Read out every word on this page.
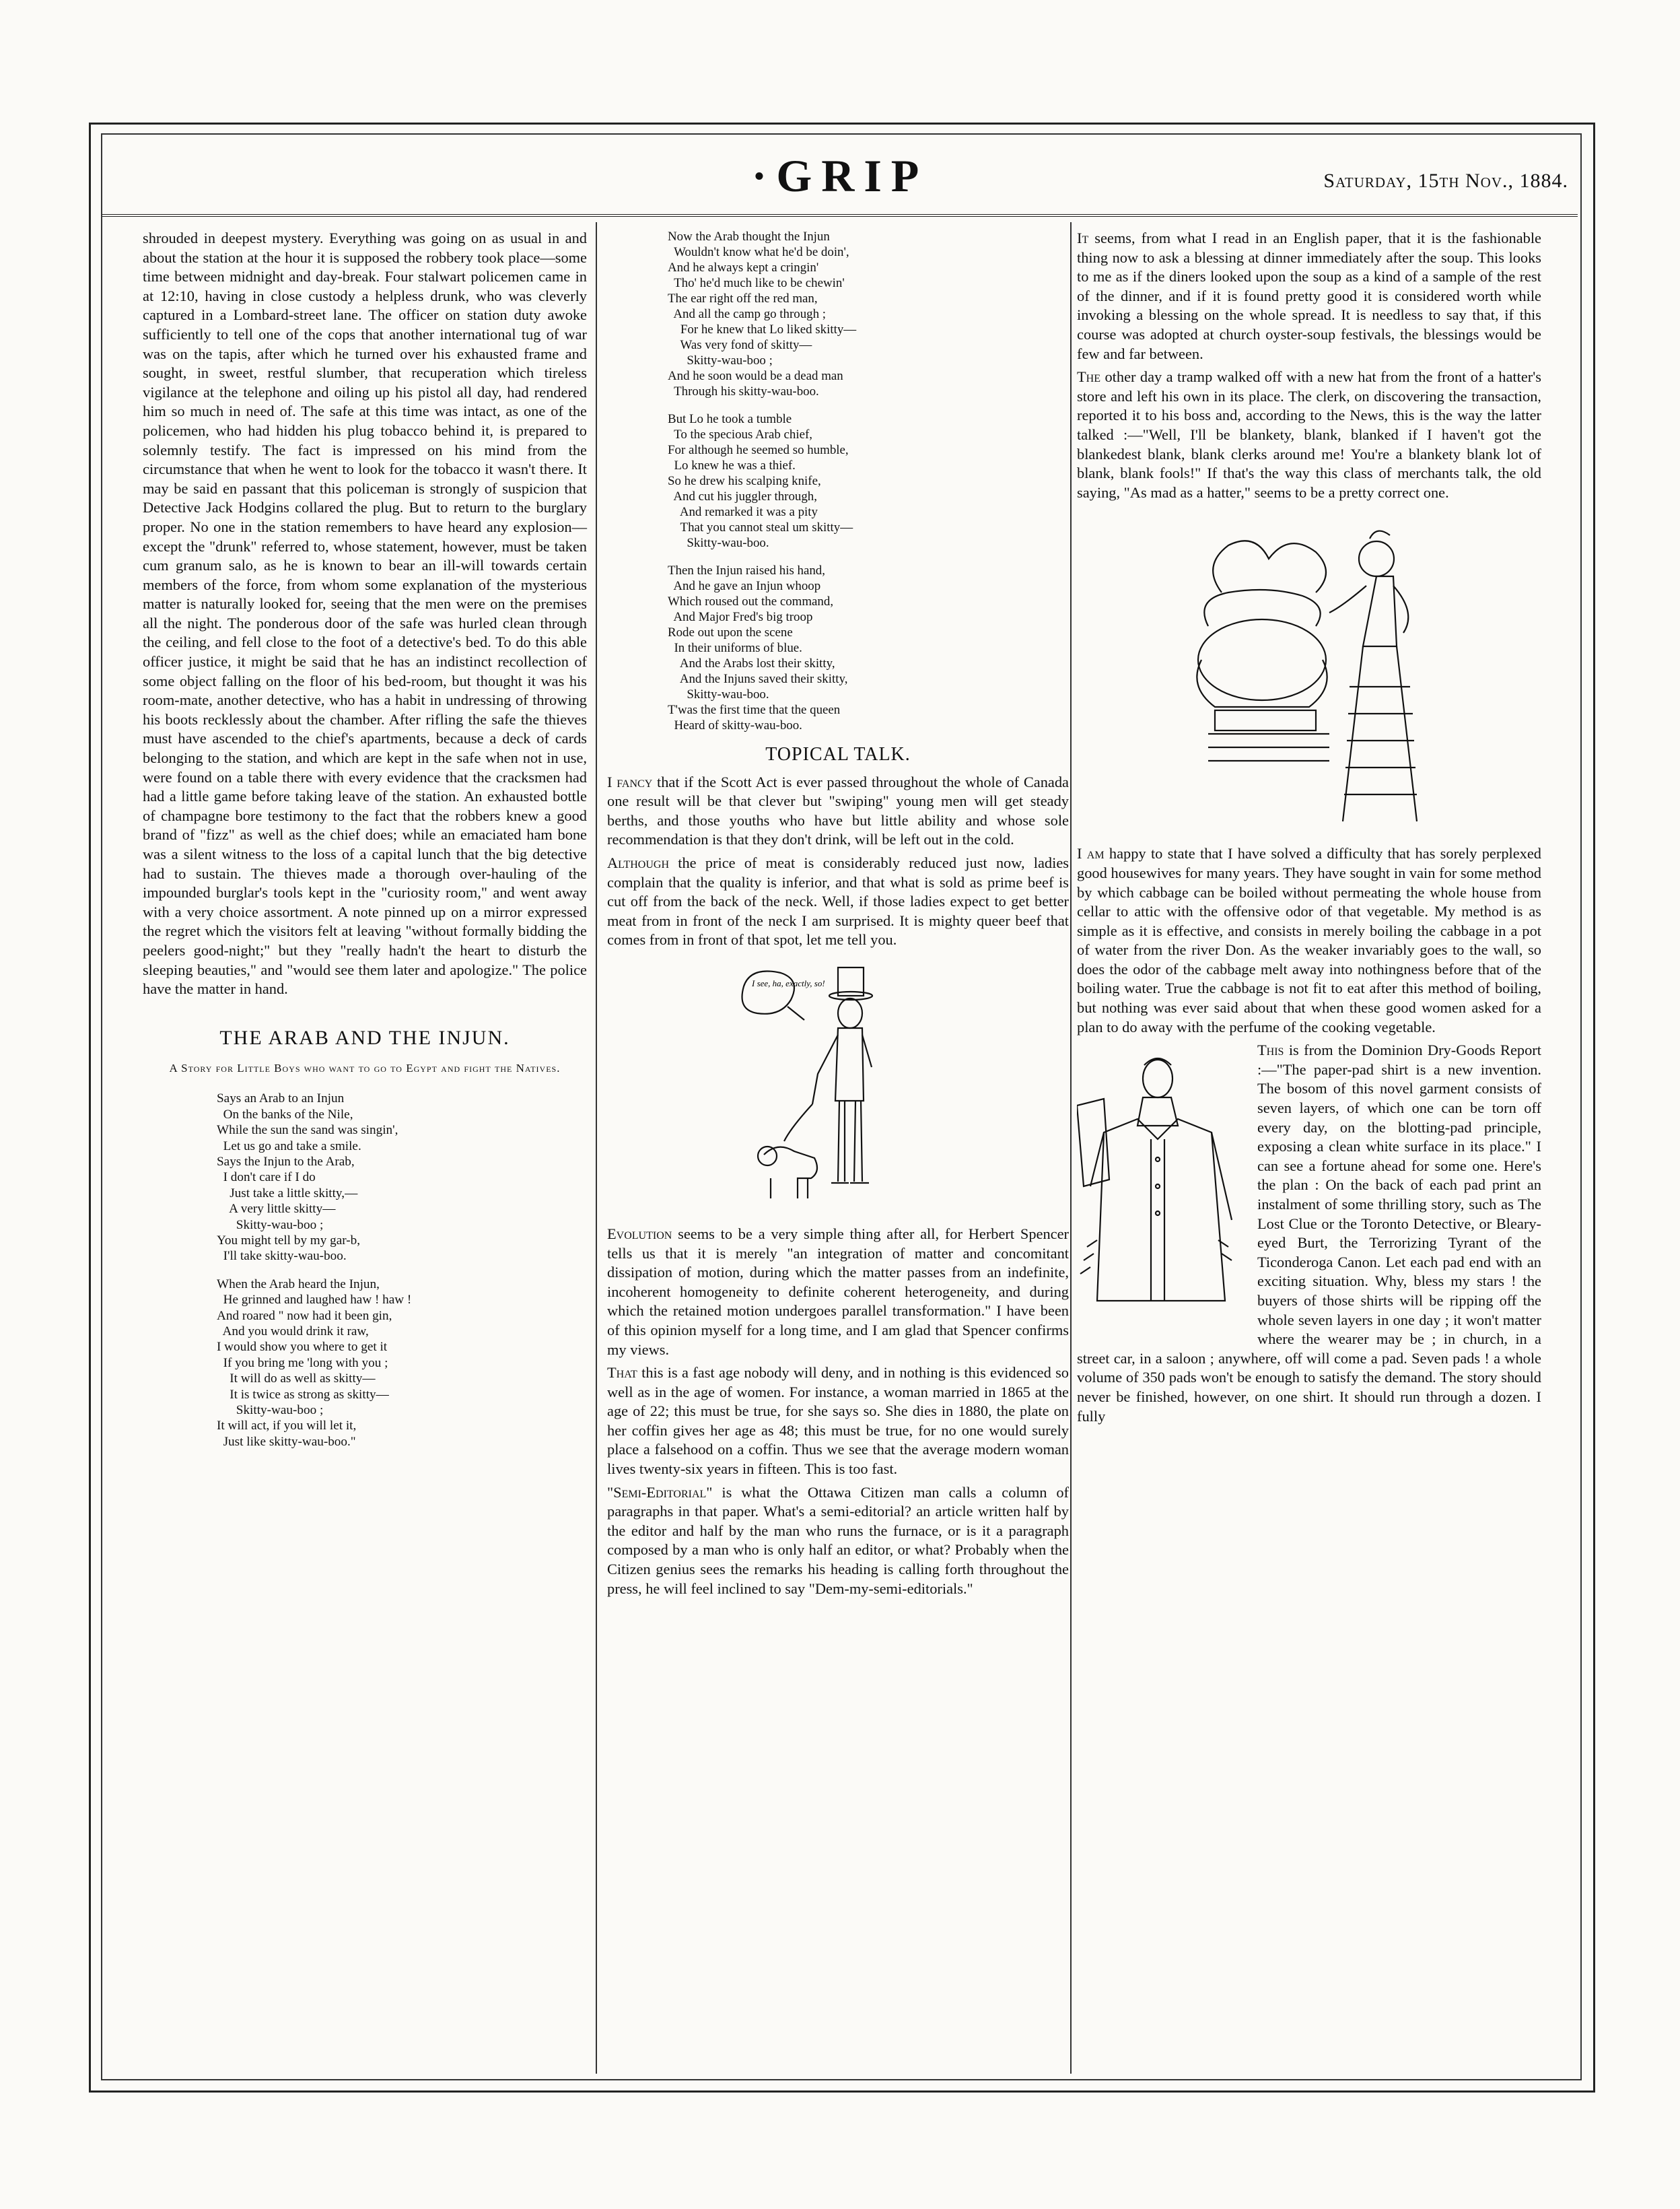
·GRIP	Saturday, 15th Nov., 1884.

shrouded in deepest mystery. Everything was going on as usual in and about the station at the hour it is supposed the robbery took place—some time between midnight and day-break. Four stalwart policemen came in at 12:10, having in close custody a helpless drunk, who was cleverly captured in a Lombard-street lane. The officer on station duty awoke sufficiently to tell one of the cops that another international tug of war was on the tapis, after which he turned over his exhausted frame and sought, in sweet, restful slumber, that recuperation which tireless vigilance at the telephone and oiling up his pistol all day, had rendered him so much in need of. The safe at this time was intact, as one of the policemen, who had hidden his plug tobacco behind it, is prepared to solemnly testify. The fact is impressed on his mind from the circumstance that when he went to look for the tobacco it wasn't there. It may be said en passant that this policeman is strongly of suspicion that Detective Jack Hodgins collared the plug. But to return to the burglary proper. No one in the station remembers to have heard any explosion—except the "drunk" referred to, whose statement, however, must be taken cum granum salo, as he is known to bear an ill-will towards certain members of the force, from whom some explanation of the mysterious matter is naturally looked for, seeing that the men were on the premises all the night. The ponderous door of the safe was hurled clean through the ceiling, and fell close to the foot of a detective's bed. To do this able officer justice, it might be said that he has an indistinct recollection of some object falling on the floor of his bed-room, but thought it was his room-mate, another detective, who has a habit in undressing of throwing his boots recklessly about the chamber. After rifling the safe the thieves must have ascended to the chief's apartments, because a deck of cards belonging to the station, and which are kept in the safe when not in use, were found on a table there with every evidence that the cracksmen had had a little game before taking leave of the station. An exhausted bottle of champagne bore testimony to the fact that the robbers knew a good brand of "fizz" as well as the chief does; while an emaciated ham bone was a silent witness to the loss of a capital lunch that the big detective had to sustain. The thieves made a thorough over-hauling of the impounded burglar's tools kept in the "curiosity room," and went away with a very choice assortment. A note pinned up on a mirror expressed the regret which the visitors felt at leaving "without formally bidding the peelers good-night;" but they "really hadn't the heart to disturb the sleeping beauties," and "would see them later and apologize." The police have the matter in hand.

THE ARAB AND THE INJUN.
A Story for Little Boys who want to go to Egypt and fight the Natives.
Says an Arab to an Injun
On the banks of the Nile,
While the sun the sand was singin',
Let us go and take a smile.
Says the Injun to the Arab,
I don't care if I do
Just take a little skitty,—
A very little skitty—
Skitty-wau-boo ;
You might tell by my gar-b,
I'll take skitty-wau-boo.
When the Arab heard the Injun,
He grinned and laughed haw ! haw !
And roared " now had it been gin,
And you would drink it raw,
I would show you where to get it
If you bring me 'long with you ;
It will do as well as skitty—
It is twice as strong as skitty—
Skitty-wau-boo ;
It will act, if you will let it,
Just like skitty-wau-boo."
Now the Arab thought the Injun
Wouldn't know what he'd be doin',
And he always kept a cringin'
Tho' he'd much like to be chewin'
The ear right off the red man,
And all the camp go through ;
For he knew that Lo liked skitty—
Was very fond of skitty—
Skitty-wau-boo ;
And he soon would be a dead man
Through his skitty-wau-boo.
But Lo he took a tumble
To the specious Arab chief,
For although he seemed so humble,
Lo knew he was a thief.
So he drew his scalping knife,
And cut his juggler through,
And remarked it was a pity
That you cannot steal um skitty—
Skitty-wau-boo.
Then the Injun raised his hand,
And he gave an Injun whoop
Which roused out the command,
And Major Fred's big troop
Rode out upon the scene
In their uniforms of blue.
And the Arabs lost their skitty,
And the Injuns saved their skitty,
Skitty-wau-boo.
T'was the first time that the queen
Heard of skitty-wau-boo.
TOPICAL TALK.

I fancy that if the Scott Act is ever passed throughout the whole of Canada one result will be that clever but "swiping" young men will get steady berths, and those youths who have but little ability and whose sole recommendation is that they don't drink, will be left out in the cold.

Although the price of meat is considerably reduced just now, ladies complain that the quality is inferior, and that what is sold as prime beef is cut off from the back of the neck. Well, if those ladies expect to get better meat from in front of the neck I am surprised. It is mighty queer beef that comes from in front of that spot, let me tell you.

I see, ha, exactly, so!

Evolution seems to be a very simple thing after all, for Herbert Spencer tells us that it is merely "an integration of matter and concomitant dissipation of motion, during which the matter passes from an indefinite, incoherent homogeneity to definite coherent heterogeneity, and during which the retained motion undergoes parallel transformation." I have been of this opinion myself for a long time, and I am glad that Spencer confirms my views.

That this is a fast age nobody will deny, and in nothing is this evidenced so well as in the age of women. For instance, a woman married in 1865 at the age of 22; this must be true, for she says so. She dies in 1880, the plate on her coffin gives her age as 48; this must be true, for no one would surely place a falsehood on a coffin. Thus we see that the average modern woman lives twenty-six years in fifteen. This is too fast.

"Semi-Editorial" is what the Ottawa Citizen man calls a column of paragraphs in that paper. What's a semi-editorial? an article written half by the editor and half by the man who runs the furnace, or is it a paragraph composed by a man who is only half an editor, or what? Probably when the Citizen genius sees the remarks his heading is calling forth throughout the press, he will feel inclined to say "Dem-my-semi-editorials."

It seems, from what I read in an English paper, that it is the fashionable thing now to ask a blessing at dinner immediately after the soup. This looks to me as if the diners looked upon the soup as a kind of a sample of the rest of the dinner, and if it is found pretty good it is considered worth while invoking a blessing on the whole spread. It is needless to say that, if this course was adopted at church oyster-soup festivals, the blessings would be few and far between.

The other day a tramp walked off with a new hat from the front of a hatter's store and left his own in its place. The clerk, on discovering the transaction, reported it to his boss and, according to the News, this is the way the latter talked :—"Well, I'll be blankety, blank, blanked if I haven't got the blankedest blank, blank clerks around me! You're a blankety blank lot of blank, blank fools!" If that's the way this class of merchants talk, the old saying, "As mad as a hatter," seems to be a pretty correct one.

I am happy to state that I have solved a difficulty that has sorely perplexed good housewives for many years. They have sought in vain for some method by which cabbage can be boiled without permeating the whole house from cellar to attic with the offensive odor of that vegetable. My method is as simple as it is effective, and consists in merely boiling the cabbage in a pot of water from the river Don. As the weaker invariably goes to the wall, so does the odor of the cabbage melt away into nothingness before that of the boiling water. True the cabbage is not fit to eat after this method of boiling, but nothing was ever said about that when these good women asked for a plan to do away with the perfume of the cooking vegetable.

This is from the Dominion Dry-Goods Report :—"The paper-pad shirt is a new invention. The bosom of this novel garment consists of seven layers, of which one can be torn off every day, on the blotting-pad principle, exposing a clean white surface in its place." I can see a fortune ahead for some one. Here's the plan : On the back of each pad print an instalment of some thrilling story, such as The Lost Clue or the Toronto Detective, or Bleary-eyed Burt, the Terrorizing Tyrant of the Ticonderoga Canon. Let each pad end with an exciting situation. Why, bless my stars ! the buyers of those shirts will be ripping off the whole seven layers in one day ; it won't matter where the wearer may be ; in church, in a street car, in a saloon ; anywhere, off will come a pad. Seven pads ! a whole volume of 350 pads won't be enough to satisfy the demand. The story should never be finished, however, on one shirt. It should run through a dozen. I fully
